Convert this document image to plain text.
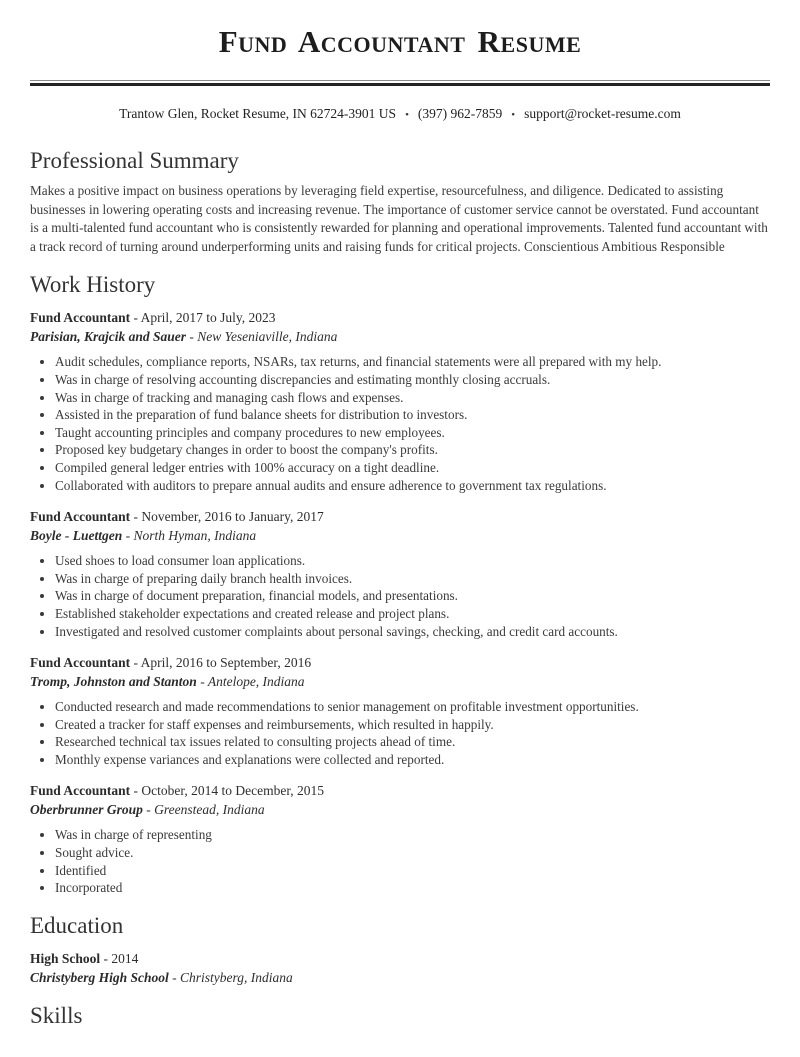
Fund Accountant Resume
Trantow Glen, Rocket Resume, IN 62724-3901 US • (397) 962-7859 • support@rocket-resume.com
Professional Summary

Makes a positive impact on business operations by leveraging field expertise, resourcefulness, and diligence. Dedicated to assisting businesses in lowering operating costs and increasing revenue. The importance of customer service cannot be overstated. Fund accountant is a multi-talented fund accountant who is consistently rewarded for planning and operational improvements. Talented fund accountant with a track record of turning around underperforming units and raising funds for critical projects. Conscientious Ambitious Responsible

Work History
Fund Accountant - April, 2017 to July, 2023
Parisian, Krajcik and Sauer - New Yeseniaville, Indiana
• Audit schedules, compliance reports, NSARs, tax returns, and financial statements were all prepared with my help.
• Was in charge of resolving accounting discrepancies and estimating monthly closing accruals.
• Was in charge of tracking and managing cash flows and expenses.
• Assisted in the preparation of fund balance sheets for distribution to investors.
• Taught accounting principles and company procedures to new employees.
• Proposed key budgetary changes in order to boost the company's profits.
• Compiled general ledger entries with 100% accuracy on a tight deadline.
• Collaborated with auditors to prepare annual audits and ensure adherence to government tax regulations.
Fund Accountant - November, 2016 to January, 2017
Boyle - Luettgen - North Hyman, Indiana
• Used shoes to load consumer loan applications.
• Was in charge of preparing daily branch health invoices.
• Was in charge of document preparation, financial models, and presentations.
• Established stakeholder expectations and created release and project plans.
• Investigated and resolved customer complaints about personal savings, checking, and credit card accounts.
Fund Accountant - April, 2016 to September, 2016
Tromp, Johnston and Stanton - Antelope, Indiana
• Conducted research and made recommendations to senior management on profitable investment opportunities.
• Created a tracker for staff expenses and reimbursements, which resulted in happily.
• Researched technical tax issues related to consulting projects ahead of time.
• Monthly expense variances and explanations were collected and reported.
Fund Accountant - October, 2014 to December, 2015
Oberbrunner Group - Greenstead, Indiana
• Was in charge of representing
• Sought advice.
• Identified
• Incorporated
Education
High School - 2014
Christyberg High School - Christyberg, Indiana
Skills
